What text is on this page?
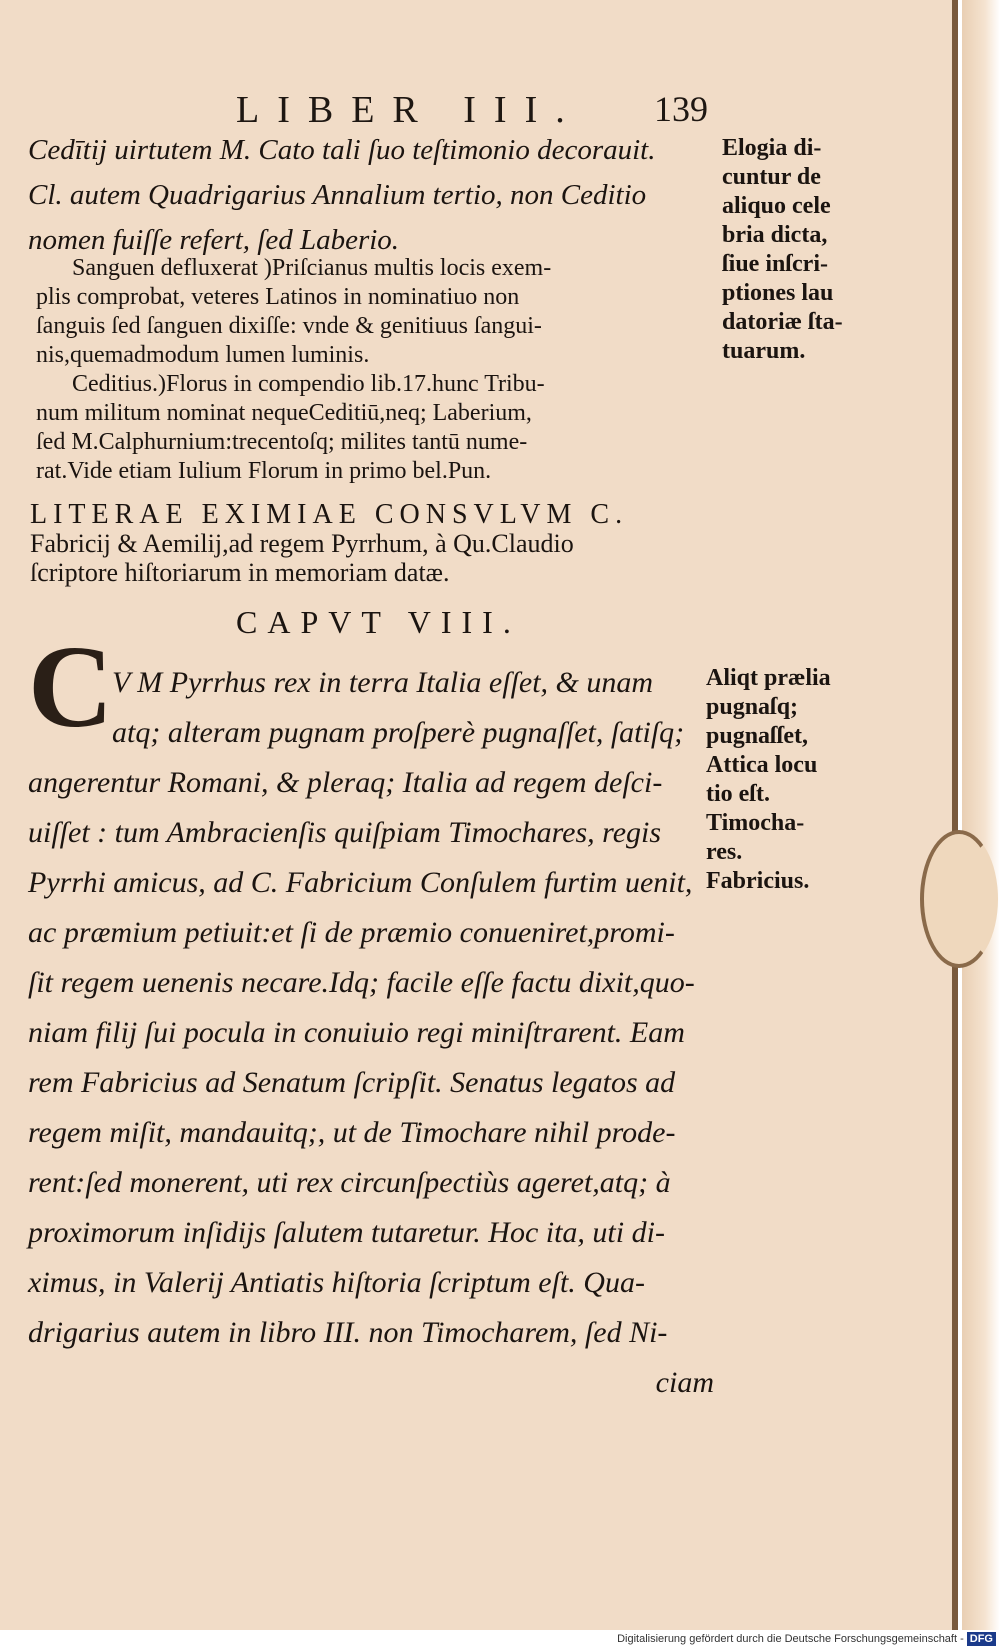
LIBER III. 139

Cedītij uirtutem M. Cato tali ſuo teſtimonio decorauit.

Cl. autem Quadrigarius Annalium tertio, non Ceditio

nomen fuiſſe refert, ſed Laberio.

Sanguen defluxerat )Priſcianus multis locis exem-

plis comprobat, veteres Latinos in nominatiuo non

ſanguis ſed ſanguen dixiſſe: vnde & genitiuus ſangui-

nis,quemadmodum lumen luminis.

Ceditius.)Florus in compendio lib.17.hunc Tribu-

num militum nominat nequeCeditiū,neq; Laberium,

ſed M.Calphurnium:trecentoſq; milites tantū nume-

rat.Vide etiam Iulium Florum in primo bel.Pun.

LITERAE EXIMIAE CONSVLVM C.

Fabricij & Aemilij,ad regem Pyrrhum, à Qu.Claudio

ſcriptore hiſtoriarum in memoriam datæ.

CAPVT VIII.
C

V M Pyrrhus rex in terra Italia eſſet, & unam

atq; alteram pugnam proſperè pugnaſſet, ſatiſq;

angerentur Romani, & pleraq; Italia ad regem deſci-

uiſſet : tum Ambracienſis quiſpiam Timochares, regis

Pyrrhi amicus, ad C. Fabricium Conſulem furtim uenit,

ac præmium petiuit:et ſi de præmio conueniret,promi-

ſit regem uenenis necare.Idq; facile eſſe factu dixit,quo-

niam filij ſui pocula in conuiuio regi miniſtrarent. Eam

rem Fabricius ad Senatum ſcripſit. Senatus legatos ad

regem miſit, mandauitq;, ut de Timochare nihil prode-

rent:ſed monerent, uti rex circunſpectiùs ageret,atq; à

proximorum inſidijs ſalutem tutaretur. Hoc ita, uti di-

ximus, in Valerij Antiatis hiſtoria ſcriptum eſt. Qua-

drigarius autem in libro III. non Timocharem, ſed Ni-

ciam

Elogia di-
cuntur de
aliquo cele
bria dicta,
ſiue inſcri-
ptiones lau
datoriæ ſta-
tuarum.
Aliqt prælia
pugnaſq;
pugnaſſet,
Attica locu
tio eſt.
Timocha-
res.
Fabricius.
Digitalisierung gefördert durch die Deutsche Forschungsgemeinschaft - DFG
